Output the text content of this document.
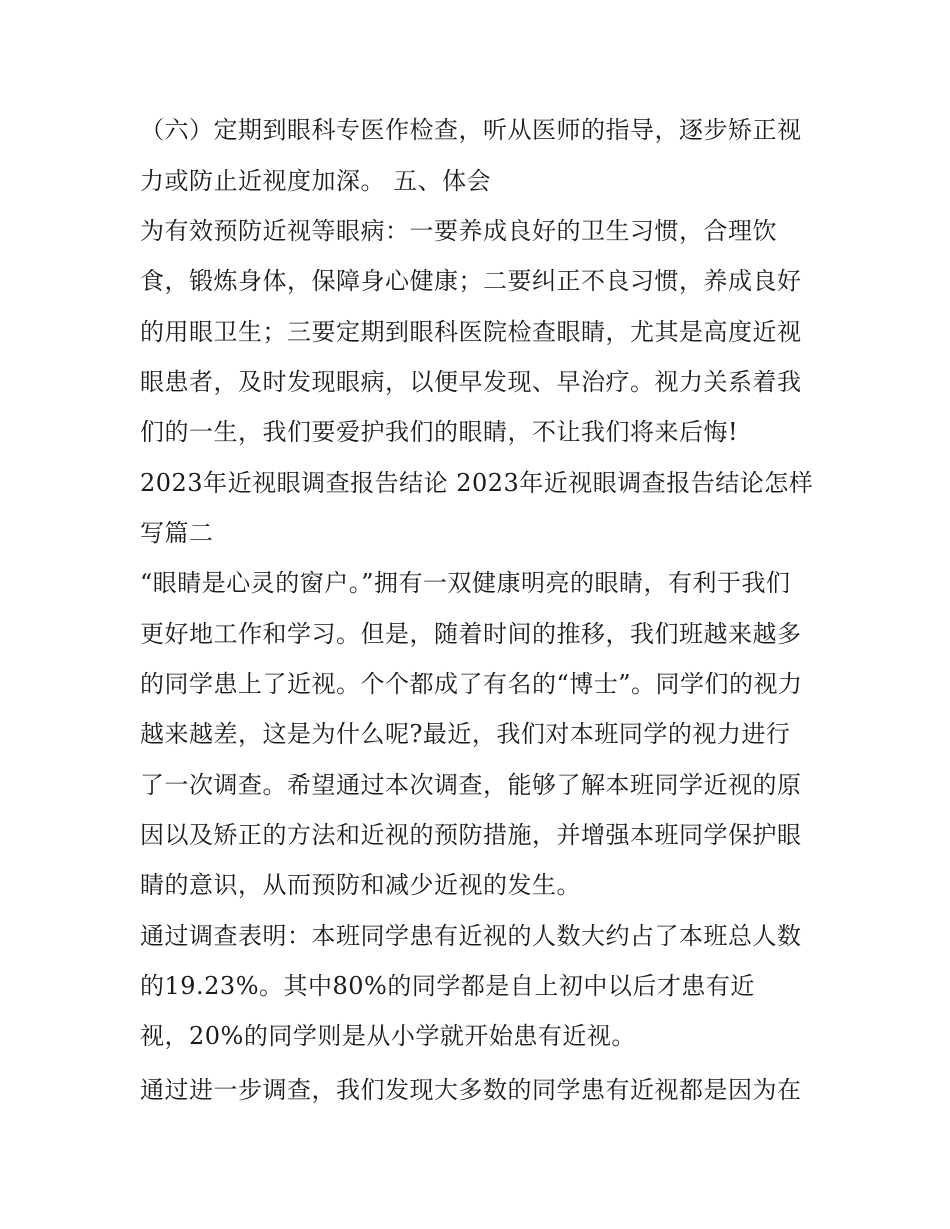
（六）定期到眼科专医作检查，听从医师的指导，逐步矫正视
力或防止近视度加深。 五、体会
为有效预防近视等眼病：一要养成良好的卫生习惯，合理饮
食，锻炼身体，保障身心健康；二要纠正不良习惯，养成良好
的用眼卫生；三要定期到眼科医院检查眼睛，尤其是高度近视
眼患者，及时发现眼病，以便早发现、早治疗。视力关系着我
们的一生，我们要爱护我们的眼睛，不让我们将来后悔!
2023年近视眼调查报告结论 2023年近视眼调查报告结论怎样
写篇二
“眼睛是心灵的窗户。”拥有一双健康明亮的眼睛，有利于我们
更好地工作和学习。但是，随着时间的推移，我们班越来越多
的同学患上了近视。个个都成了有名的“博士”。同学们的视力
越来越差，这是为什么呢?最近，我们对本班同学的视力进行
了一次调查。希望通过本次调查，能够了解本班同学近视的原
因以及矫正的方法和近视的预防措施，并增强本班同学保护眼
睛的意识，从而预防和减少近视的发生。
通过调查表明：本班同学患有近视的人数大约占了本班总人数
的19.23%。其中80%的同学都是自上初中以后才患有近
视，20%的同学则是从小学就开始患有近视。
通过进一步调查，我们发现大多数的同学患有近视都是因为在
